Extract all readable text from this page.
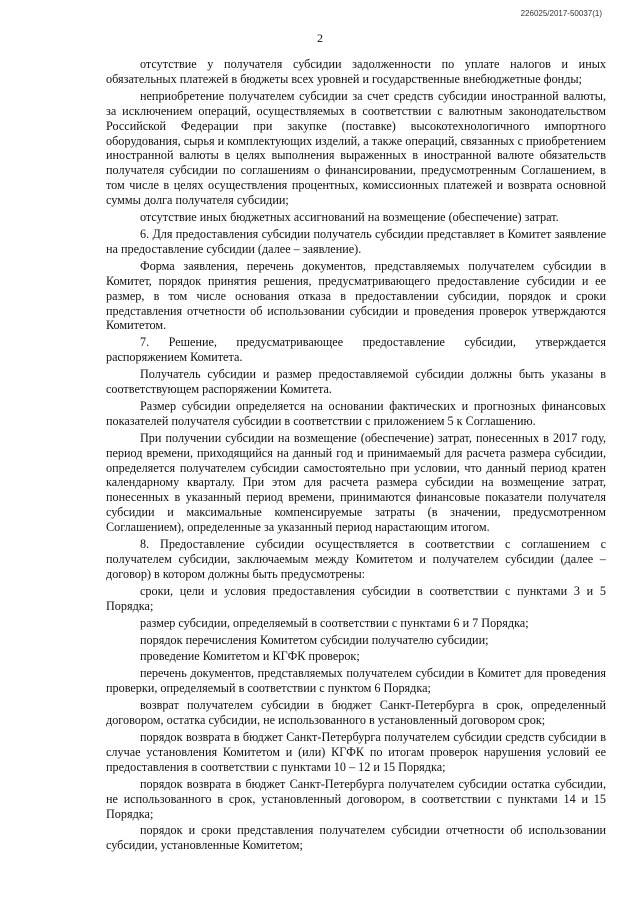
226025/2017-50037(1)
2

отсутствие у получателя субсидии задолженности по уплате налогов и иных обязательных платежей в бюджеты всех уровней и государственные внебюджетные фонды;

неприобретение получателем субсидии за счет средств субсидии иностранной валюты, за исключением операций, осуществляемых в соответствии с валютным законодательством Российской Федерации при закупке (поставке) высокотехнологичного импортного оборудования, сырья и комплектующих изделий, а также операций, связанных с приобретением иностранной валюты в целях выполнения выраженных в иностранной валюте обязательств получателя субсидии по соглашениям о финансировании, предусмотренным Соглашением, в том числе в целях осуществления процентных, комиссионных платежей и возврата основной суммы долга получателя субсидии;

отсутствие иных бюджетных ассигнований на возмещение (обеспечение) затрат.

6. Для предоставления субсидии получатель субсидии представляет в Комитет заявление на предоставление субсидии (далее – заявление).

Форма заявления, перечень документов, представляемых получателем субсидии в Комитет, порядок принятия решения, предусматривающего предоставление субсидии и ее размер, в том числе основания отказа в предоставлении субсидии, порядок и сроки представления отчетности об использовании субсидии и проведения проверок утверждаются Комитетом.

7. Решение, предусматривающее предоставление субсидии, утверждается распоряжением Комитета.

Получатель субсидии и размер предоставляемой субсидии должны быть указаны в соответствующем распоряжении Комитета.

Размер субсидии определяется на основании фактических и прогнозных финансовых показателей получателя субсидии в соответствии с приложением 5 к Соглашению.

При получении субсидии на возмещение (обеспечение) затрат, понесенных в 2017 году, период времени, приходящийся на данный год и принимаемый для расчета размера субсидии, определяется получателем субсидии самостоятельно при условии, что данный период кратен календарному кварталу. При этом для расчета размера субсидии на возмещение затрат, понесенных в указанный период времени, принимаются финансовые показатели получателя субсидии и максимальные компенсируемые затраты (в значении, предусмотренном Соглашением), определенные за указанный период нарастающим итогом.

8. Предоставление субсидии осуществляется в соответствии с соглашением с получателем субсидии, заключаемым между Комитетом и получателем субсидии (далее – договор) в котором должны быть предусмотрены:

сроки, цели и условия предоставления субсидии в соответствии с пунктами 3 и 5 Порядка;

размер субсидии, определяемый в соответствии с пунктами 6 и 7 Порядка;

порядок перечисления Комитетом субсидии получателю субсидии;

проведение Комитетом и КГФК проверок;

перечень документов, представляемых получателем субсидии в Комитет для проведения проверки, определяемый в соответствии с пунктом 6 Порядка;

возврат получателем субсидии в бюджет Санкт-Петербурга в срок, определенный договором, остатка субсидии, не использованного в установленный договором срок;

порядок возврата в бюджет Санкт-Петербурга получателем субсидии средств субсидии в случае установления Комитетом и (или) КГФК по итогам проверок нарушения условий ее предоставления в соответствии с пунктами 10 – 12 и 15 Порядка;

порядок возврата в бюджет Санкт-Петербурга получателем субсидии остатка субсидии, не использованного в срок, установленный договором, в соответствии с пунктами 14 и 15 Порядка;

порядок и сроки представления получателем субсидии отчетности об использовании субсидии, установленные Комитетом;
